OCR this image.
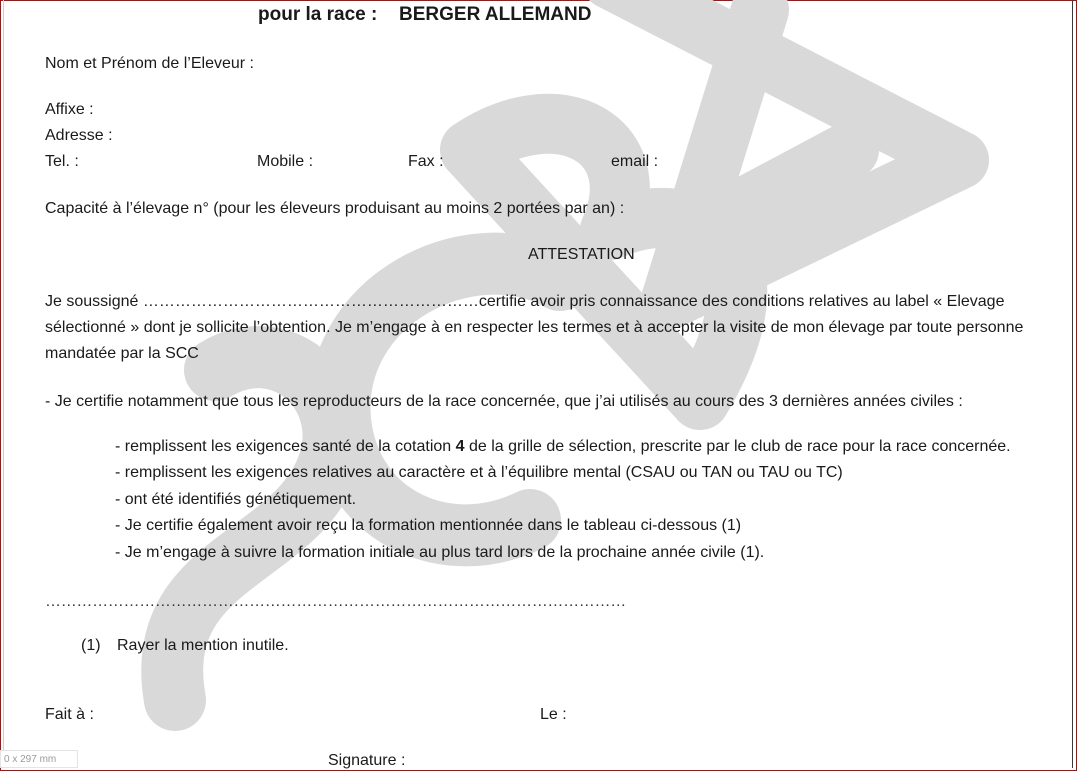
pour la race : BERGER ALLEMAND
Nom et Prénom de l’Eleveur :
Affixe :
Adresse :
Tel. :	Mobile :	Fax :	email :
Capacité à l’élevage n° (pour les éleveurs produisant au moins 2 portées par an) :
ATTESTATION
Je soussigné ………………………………………………………certifie avoir pris connaissance des conditions relatives au label « Elevage sélectionné » dont je sollicite l’obtention. Je m’engage à en respecter les termes et à accepter la visite de mon élevage par toute personne mandatée par la SCC
- Je certifie notamment que tous les reproducteurs de la race concernée, que j’ai utilisés au cours des 3 dernières années civiles :
- remplissent les exigences santé de la cotation 4 de la grille de sélection, prescrite par le club de race pour la race concernée.
- remplissent les exigences relatives au caractère et à l’équilibre mental (CSAU ou TAN ou TAU ou TC)
- ont été identifiés génétiquement.
- Je certifie également avoir reçu la formation mentionnée dans le tableau ci-dessous (1)
- Je m’engage à suivre la formation initiale au plus tard lors de la prochaine année civile (1).
…………………………………………………………………………………………………
(1) Rayer la mention inutile.
Fait à :	Le :
Signature :
0 x 297 mm
